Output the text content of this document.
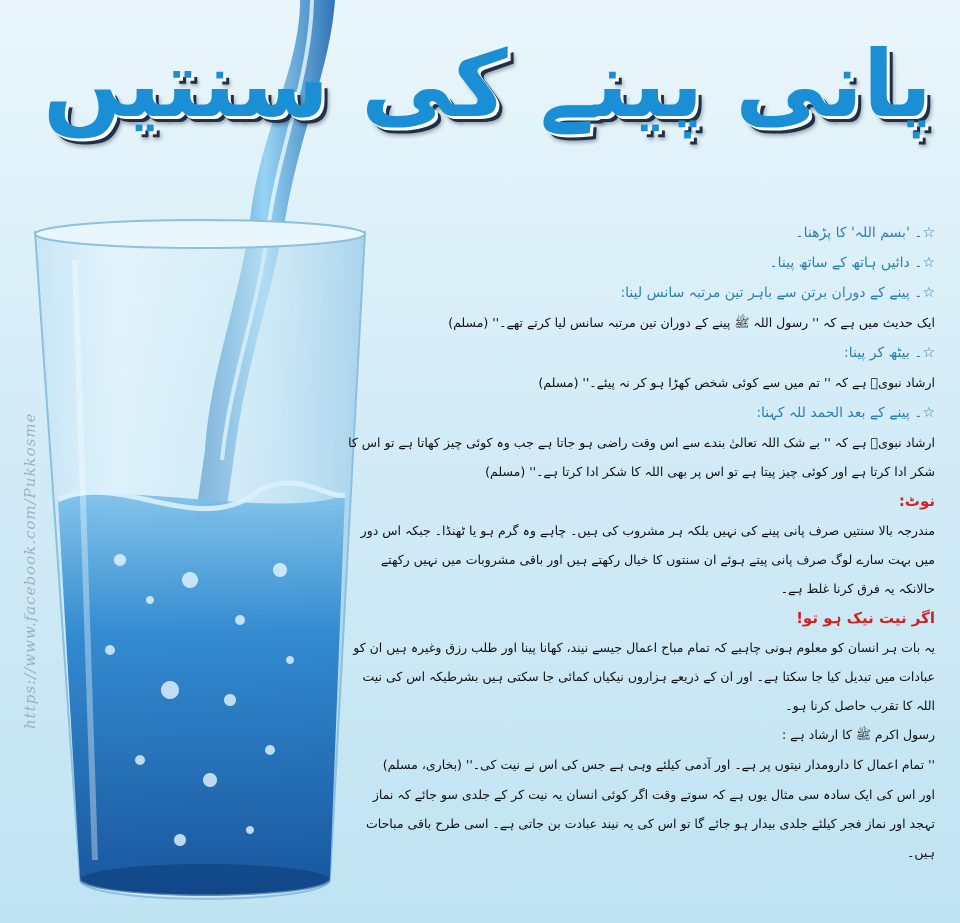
https://www.facebook.com/Pukkosme
پانی پینے کی سنتیں
☆۔ 'بسم اللہ' کا پڑھنا۔
☆۔ دائیں ہاتھ کے ساتھ پینا۔
☆۔ پینے کے دوران برتن سے باہر تین مرتبہ سانس لینا:
ایک حدیث میں ہے کہ '' رسول اللہ ﷺ پینے کے دوران تین مرتبہ سانس لیا کرتے تھے۔'' (مسلم)
☆۔ بیٹھ کر پینا:
ارشاد نبویؐ ہے کہ '' تم میں سے کوئی شخص کھڑا ہو کر نہ پیئے۔'' (مسلم)
☆۔ پینے کے بعد الحمد للہ کہنا:
ارشاد نبویؐ ہے کہ '' بے شک اللہ تعالیٰ بندے سے اس وقت راضی ہو جاتا ہے جب وہ کوئی چیز کھاتا ہے تو اس کا شکر ادا کرتا ہے اور کوئی چیز پیتا ہے تو اس پر بھی اللہ کا شکر ادا کرتا ہے۔'' (مسلم)
نوٹ:
مندرجہ بالا سنتیں صرف پانی پینے کی نہیں بلکہ ہر مشروب کی ہیں۔ چاہے وہ گرم ہو یا ٹھنڈا۔ جبکہ اس دور میں بہت سارے لوگ صرف پانی پیتے ہوئے ان سنتوں کا خیال رکھتے ہیں اور باقی مشروبات میں نہیں رکھتے حالانکہ یہ فرق کرنا غلط ہے۔
اگر نیت نیک ہو تو!
یہ بات ہر انسان کو معلوم ہونی چاہیے کہ تمام مباح اعمال جیسے نیند، کھانا پینا اور طلب رزق وغیرہ ہیں ان کو عبادات میں تبدیل کیا جا سکتا ہے۔ اور ان کے ذریعے ہزاروں نیکیاں کمائی جا سکتی ہیں بشرطیکہ اس کی نیت اللہ کا تقرب حاصل کرنا ہو۔
رسول اکرم ﷺ کا ارشاد ہے :
'' تمام اعمال کا دارومدار نیتوں پر ہے۔ اور آدمی کیلئے وہی ہے جس کی اس نے نیت کی۔'' (بخاری، مسلم)
اور اس کی ایک سادہ سی مثال یوں ہے کہ سوتے وقت اگر کوئی انسان یہ نیت کر کے جلدی سو جائے کہ نماز تہجد اور نماز فجر کیلئے جلدی بیدار ہو جائے گا تو اس کی یہ نیند عبادت بن جاتی ہے۔ اسی طرح باقی مباحات ہیں۔
